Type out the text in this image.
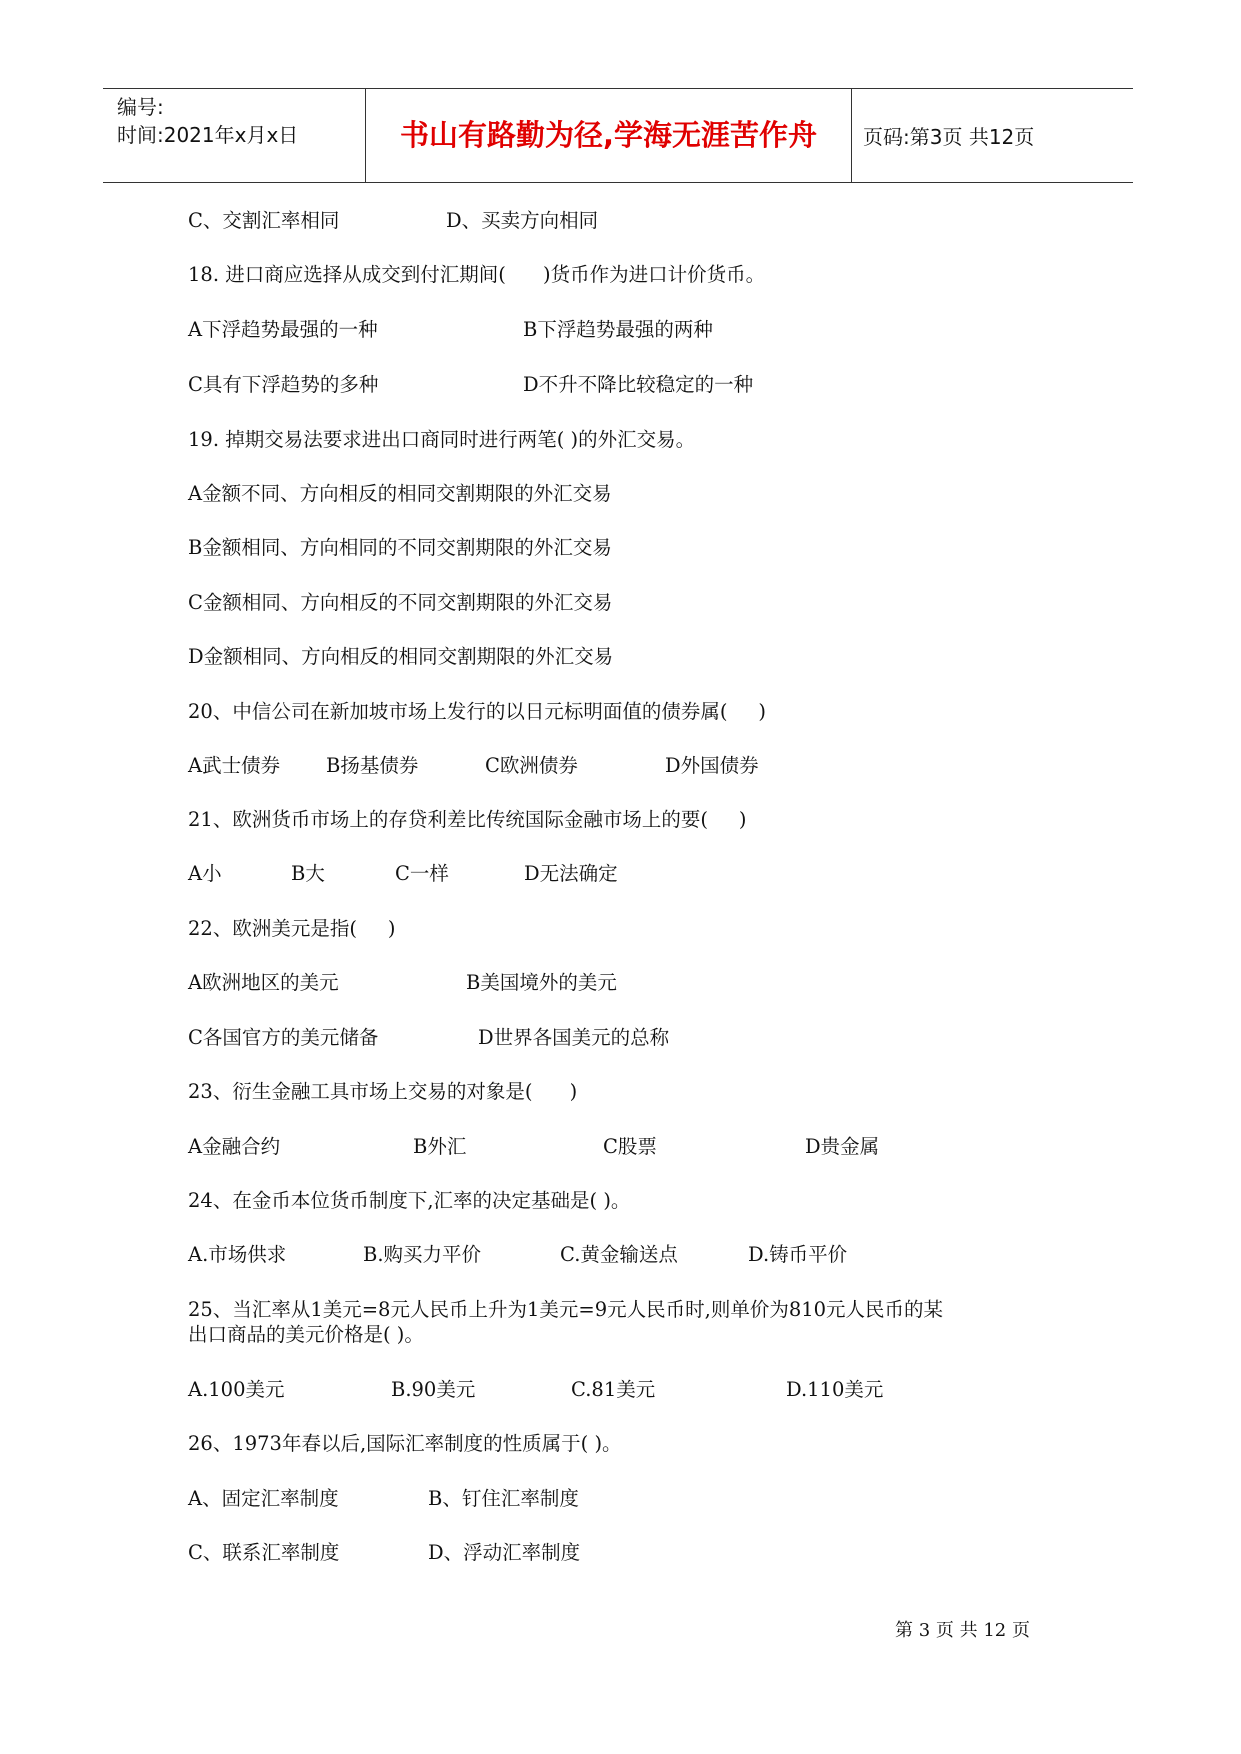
编号:
时间:2021年x月x日	书山有路勤为径,学海无涯苦作舟	页码:第3页 共12页

C、交割汇率相同

	D、买卖方向相同

18. 进口商应选择从成交到付汇期间(      )货币作为进口计价货币。

A下浮趋势最强的一种

	B下浮趋势最强的两种

C具有下浮趋势的多种

	D不升不降比较稳定的一种

19. 掉期交易法要求进出口商同时进行两笔( )的外汇交易。
A金额不同、方向相反的相同交割期限的外汇交易
B金额相同、方向相同的不同交割期限的外汇交易
C金额相同、方向相反的不同交割期限的外汇交易
D金额相同、方向相反的相同交割期限的外汇交易
20、中信公司在新加坡市场上发行的以日元标明面值的债券属(     )

A武士债券

B扬基债券

	C欧洲债券

	D外国债券

21、欧洲货币市场上的存贷利差比传统国际金融市场上的要(     )

A小

	B大

	C一样

	D无法确定

22、欧洲美元是指(     )

A欧洲地区的美元

	B美国境外的美元

C各国官方的美元储备

	D世界各国美元的总称

23、衍生金融工具市场上交易的对象是(      )

A金融合约

	B外汇

	C股票

	D贵金属

24、在金币本位货币制度下,汇率的决定基础是( )。

A.市场供求

	B.购买力平价

	C.黄金输送点

	D.铸币平价

25、当汇率从1美元=8元人民币上升为1美元=9元人民币时,则单价为810元人民币的某
出口商品的美元价格是( )。

A.100美元

	B.90美元

	C.81美元

	D.110美元

26、1973年春以后,国际汇率制度的性质属于( )。

A、固定汇率制度

	B、钉住汇率制度

C、联系汇率制度

	D、浮动汇率制度

第 3 页 共 12 页
